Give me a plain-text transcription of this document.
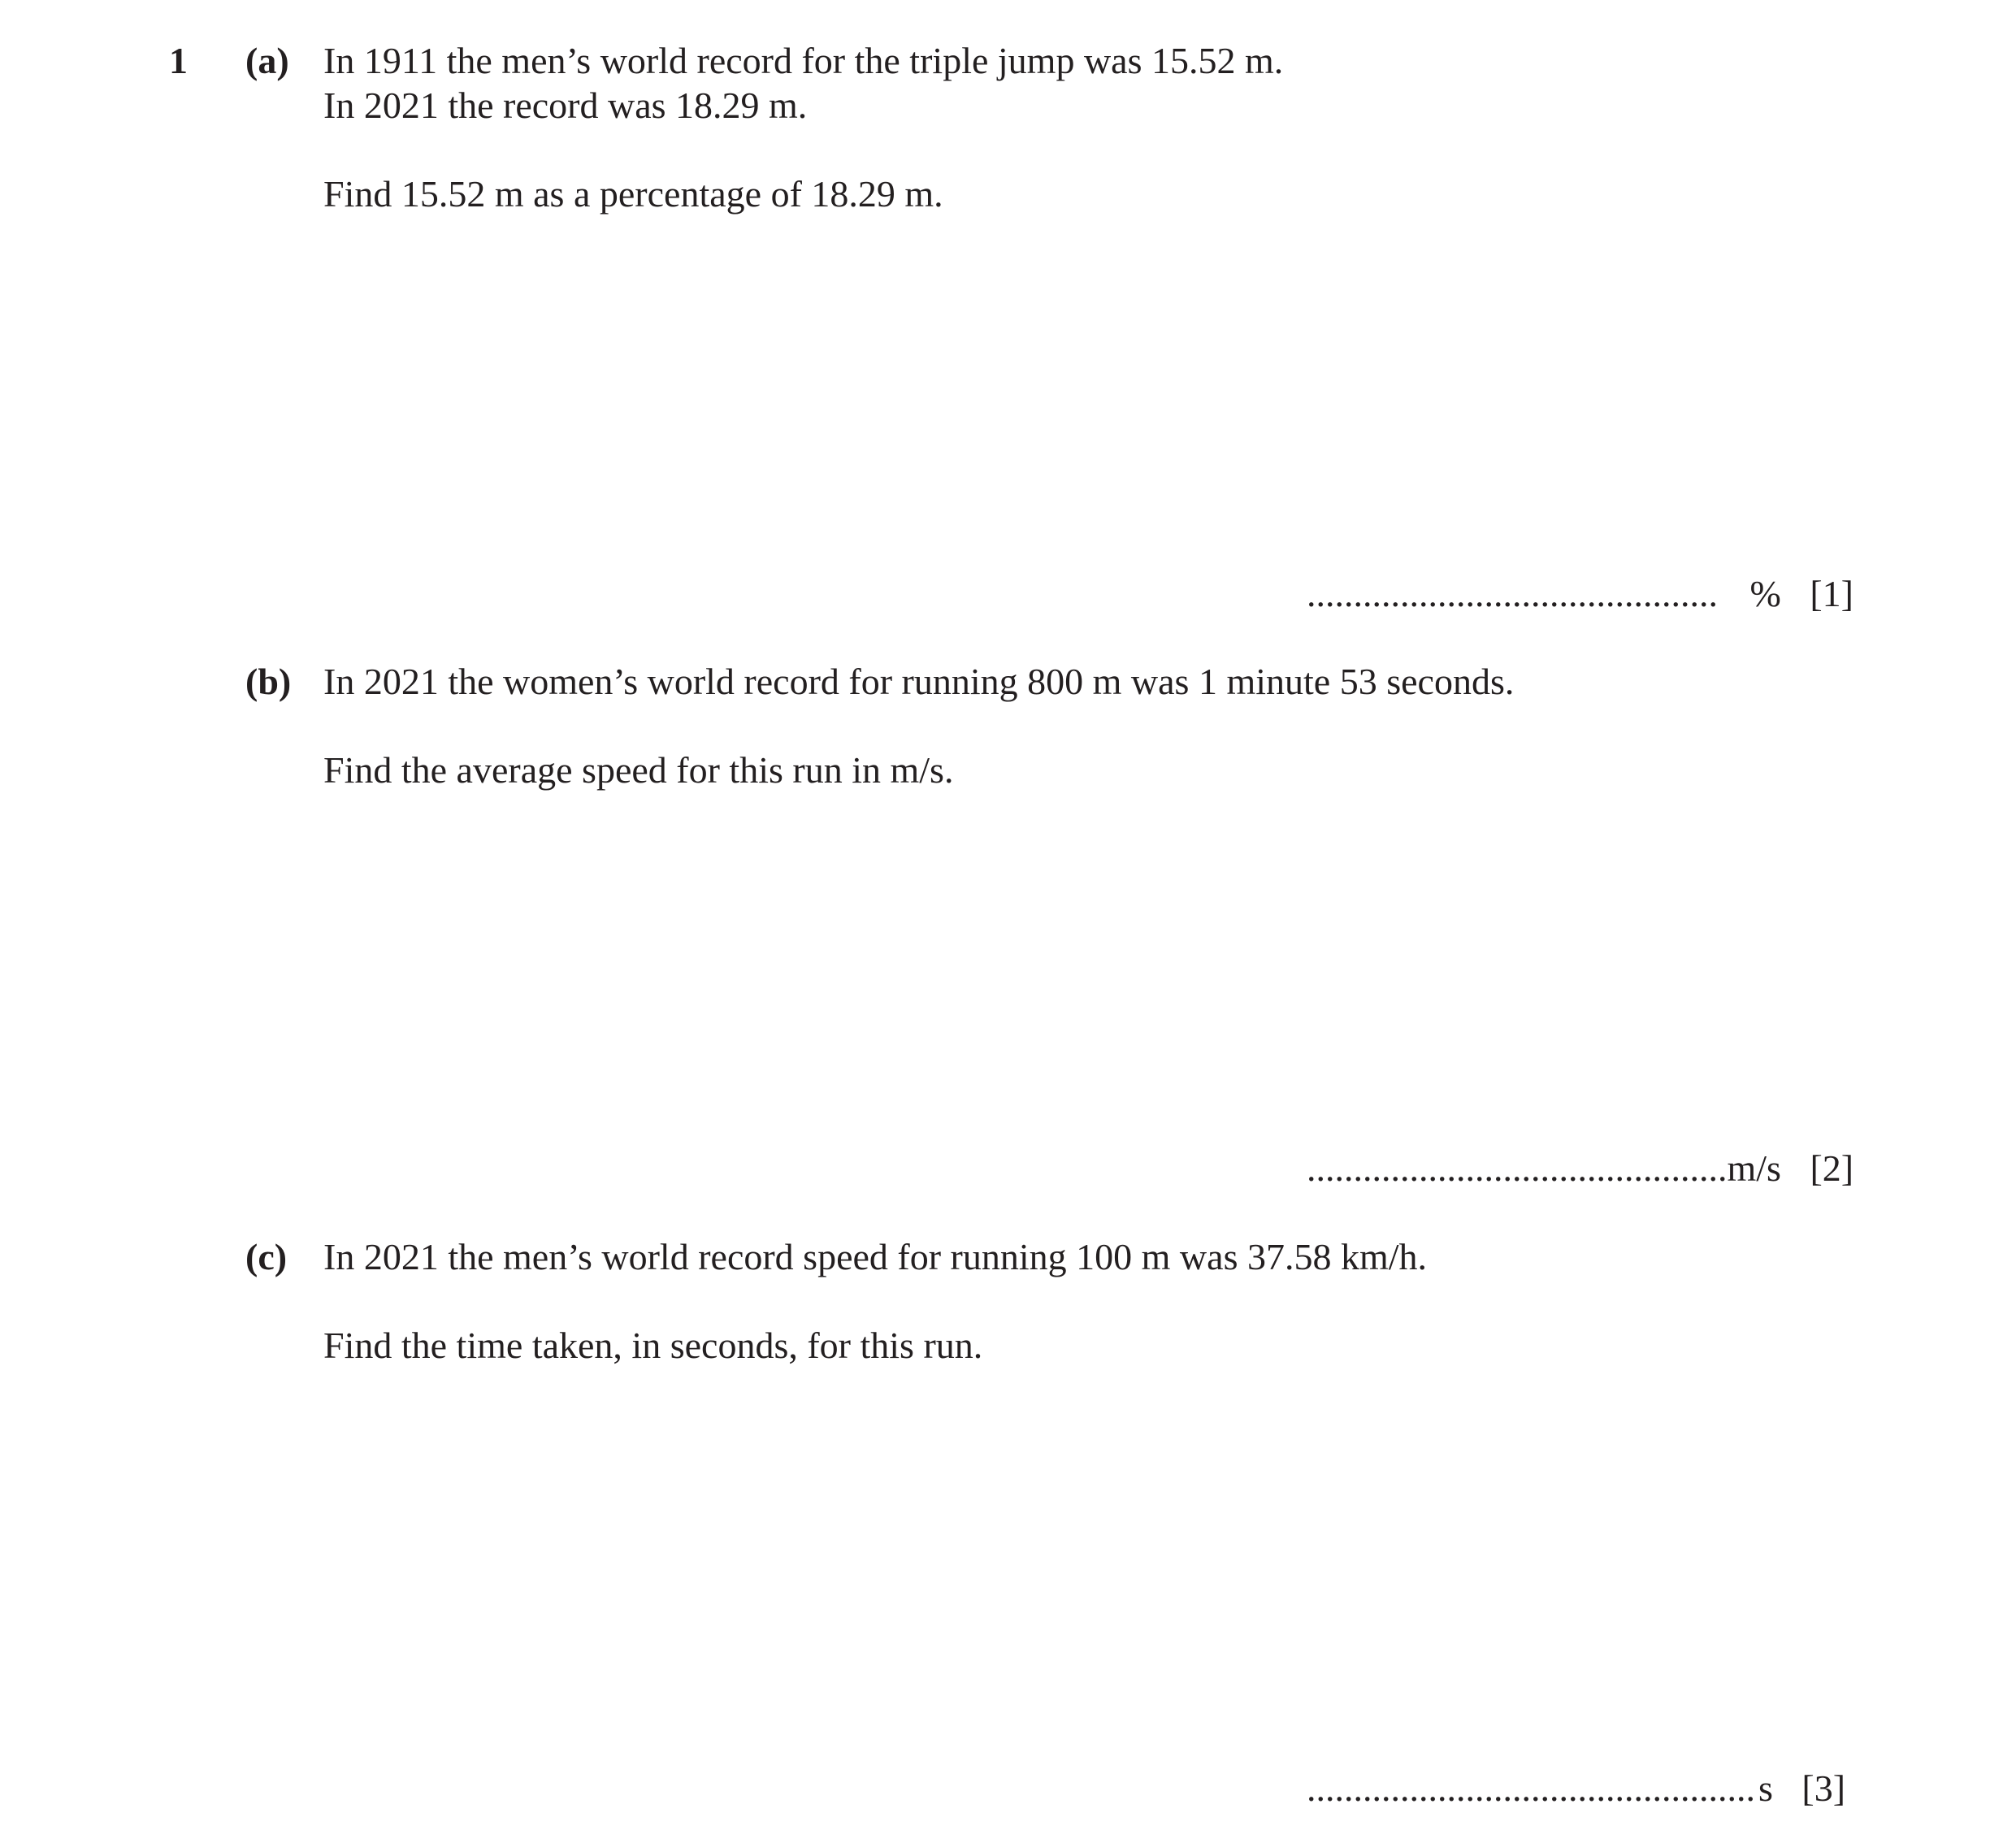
1 (a) In 1911 the men’s world record for the triple jump was 15.52 m.
In 2021 the record was 18.29 m.
Find 15.52 m as a percentage of 18.29 m.
............................................ % [1]
(b) In 2021 the women’s world record for running 800 m was 1 minute 53 seconds.
Find the average speed for this run in m/s.
.............................................m/s [2]
(c) In 2021 the men’s world record speed for running 100 m was 37.58 km/h.
Find the time taken, in seconds, for this run.
................................................s [3]
